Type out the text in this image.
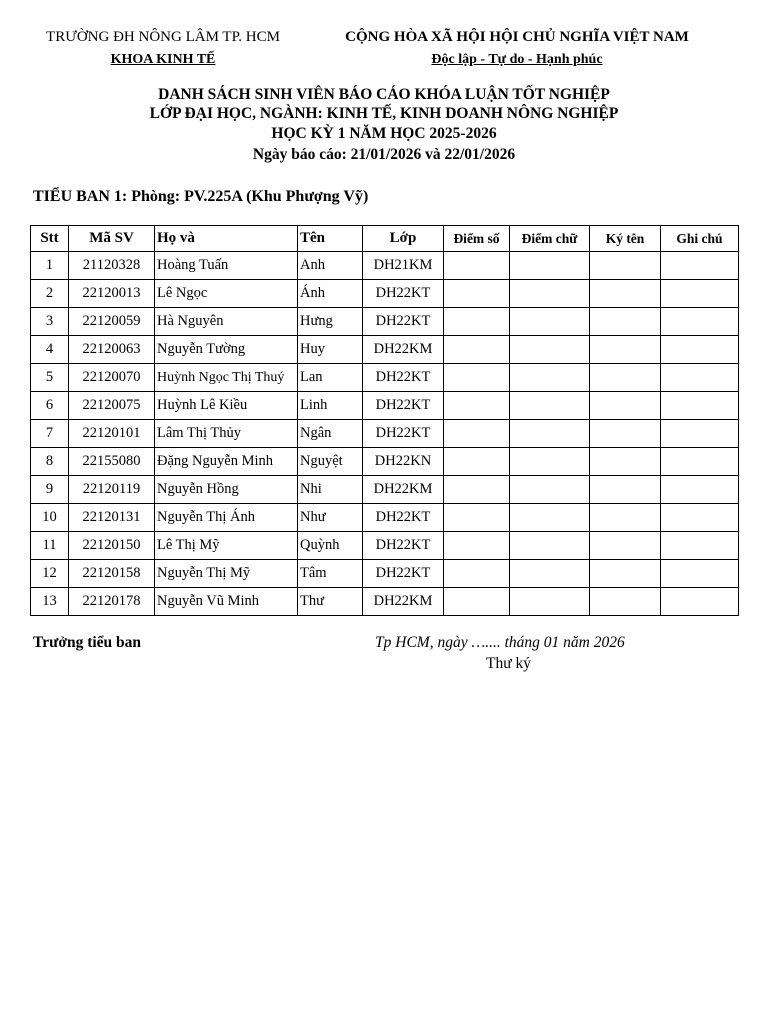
TRƯỜNG ĐH NÔNG LÂM TP. HCM
KHOA KINH TẾ
CỘNG HÒA XÃ HỘI HỘI CHỦ NGHĨA VIỆT NAM
Độc lập - Tự do - Hạnh phúc
DANH SÁCH SINH VIÊN BÁO CÁO KHÓA LUẬN TỐT NGHIỆP
LỚP ĐẠI HỌC, NGÀNH: KINH TẾ, KINH DOANH NÔNG NGHIỆP
HỌC KỲ 1 NĂM HỌC 2025-2026
Ngày báo cáo: 21/01/2026 và 22/01/2026
TIỂU BAN 1: Phòng: PV.225A (Khu Phượng Vỹ)
Stt	Mã SV	Họ và	Tên	Lớp	Điểm số	Điểm chữ	Ký tên	Ghi chú
1	21120328	Hoàng Tuấn	Anh	DH21KM				
2	22120013	Lê Ngọc	Ánh	DH22KT				
3	22120059	Hà Nguyên	Hưng	DH22KT				
4	22120063	Nguyễn Tường	Huy	DH22KM				
5	22120070	Huỳnh Ngọc Thị Thuý	Lan	DH22KT				
6	22120075	Huỳnh Lê Kiều	Linh	DH22KT				
7	22120101	Lâm Thị Thủy	Ngân	DH22KT				
8	22155080	Đặng Nguyễn Minh	Nguyệt	DH22KN				
9	22120119	Nguyễn Hồng	Nhi	DH22KM				
10	22120131	Nguyễn Thị Ánh	Như	DH22KT				
11	22120150	Lê Thị Mỹ	Quỳnh	DH22KT				
12	22120158	Nguyễn Thị Mỹ	Tâm	DH22KT				
13	22120178	Nguyễn Vũ Minh	Thư	DH22KM				
Trưởng tiểu ban	Tp HCM, ngày ….... tháng 01 năm 2026
Thư ký
